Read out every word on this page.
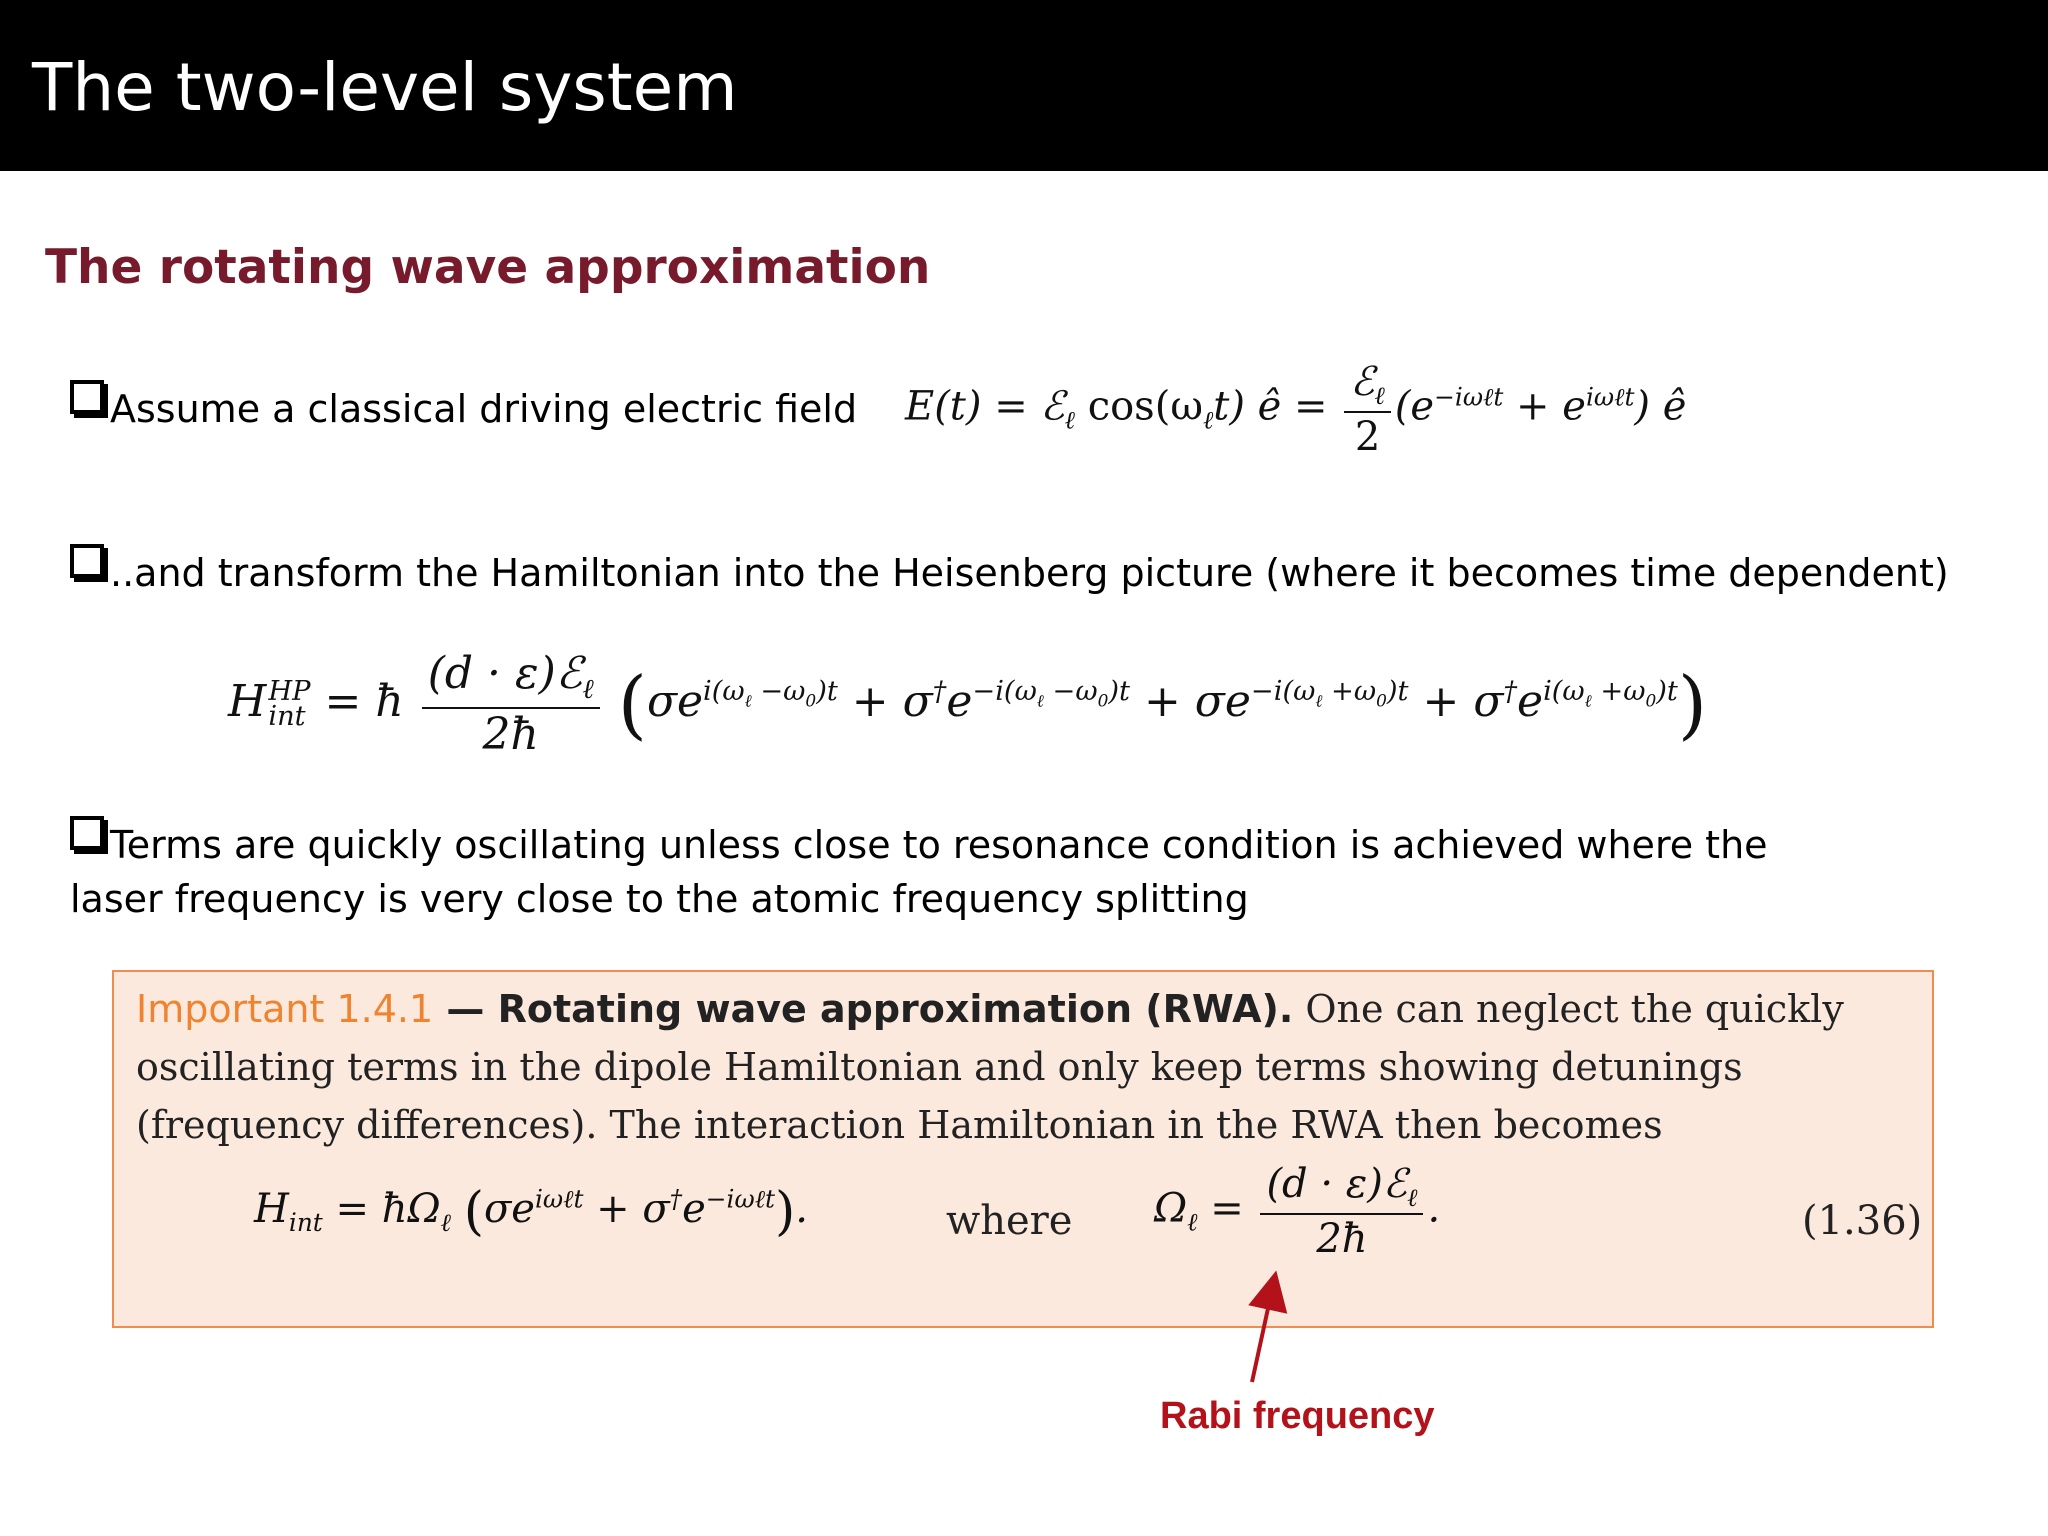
The two-level system
The rotating wave approximation
Assume a classical driving electric field E(t) = ℰ$_\ell$ $\cos(\omega_\ell t)$ ê = $\frac{ℰ_\ell}{2} (e^{-i\omega\ell t} + e^{i\omega\ell t})$ ê
..and transform the Hamiltonian into the Heisenberg picture (where it becomes time dependent)
H HP
int = ħ $\frac{(d \cdot \varepsilon)ℰ_\ell}{2ħ} (\sigma e^{i(\omega_\ell -\omega_0)t} + \sigma^\dagger e^{-i(\omega_\ell -\omega_0)t} + \sigma e^{-i(\omega_\ell +\omega_0)t} + \sigma^\dagger e^{i(\omega_\ell +\omega_0)t})$
Terms are quickly oscillating unless close to resonance condition is achieved where the laser frequency is very close to the atomic frequency splitting
Important 1.4.1 — Rotating wave approximation (RWA). One can neglect the quickly oscillating terms in the dipole Hamiltonian and only keep terms showing detunings (frequency differences). The interaction Hamiltonian in the RWA then becomes
$H_{int}$ = $ħ\Omega_\ell$ $(\sigma e^{i\omega\ell t} + \sigma^\dagger e^{-i\omega\ell t})$.	where $\Omega_\ell = \frac{(d \cdot \varepsilon)ℰ_\ell}{2ħ}$ .	(1.36)
Rabi frequency
